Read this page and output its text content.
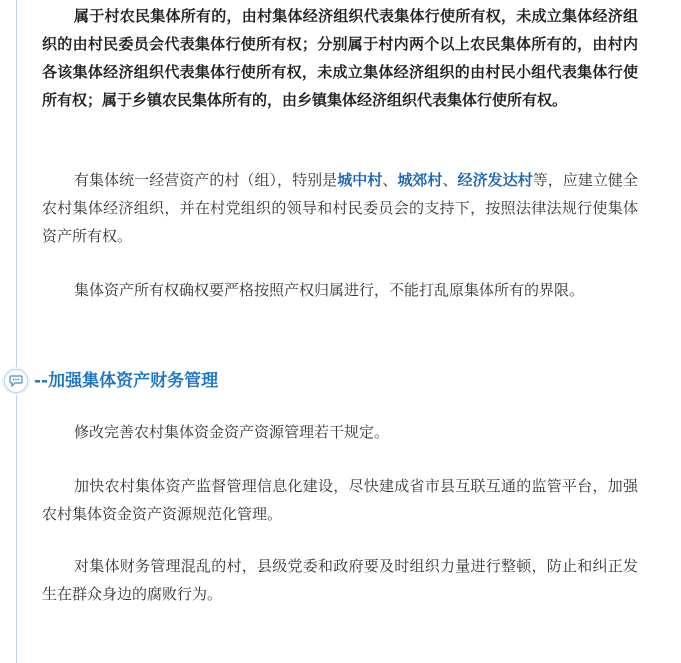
属于村农民集体所有的，由村集体经济组织代表集体行使所有权，未成立集体经济组织的由村民委员会代表集体行使所有权；分别属于村内两个以上农民集体所有的，由村内各该集体经济组织代表集体行使所有权，未成立集体经济组织的由村民小组代表集体行使所有权；属于乡镇农民集体所有的，由乡镇集体经济组织代表集体行使所有权。

有集体统一经营资产的村（组），特别是城中村、城郊村、经济发达村等，应建立健全农村集体经济组织，并在村党组织的领导和村民委员会的支持下，按照法律法规行使集体资产所有权。

集体资产所有权确权要严格按照产权归属进行，不能打乱原集体所有的界限。

修改完善农村集体资金资产资源管理若干规定。

加快农村集体资产监督管理信息化建设，尽快建成省市县互联互通的监管平台，加强农村集体资金资产资源规范化管理。

对集体财务管理混乱的村，县级党委和政府要及时组织力量进行整顿，防止和纠正发生在群众身边的腐败行为。

--加强集体资产财务管理
